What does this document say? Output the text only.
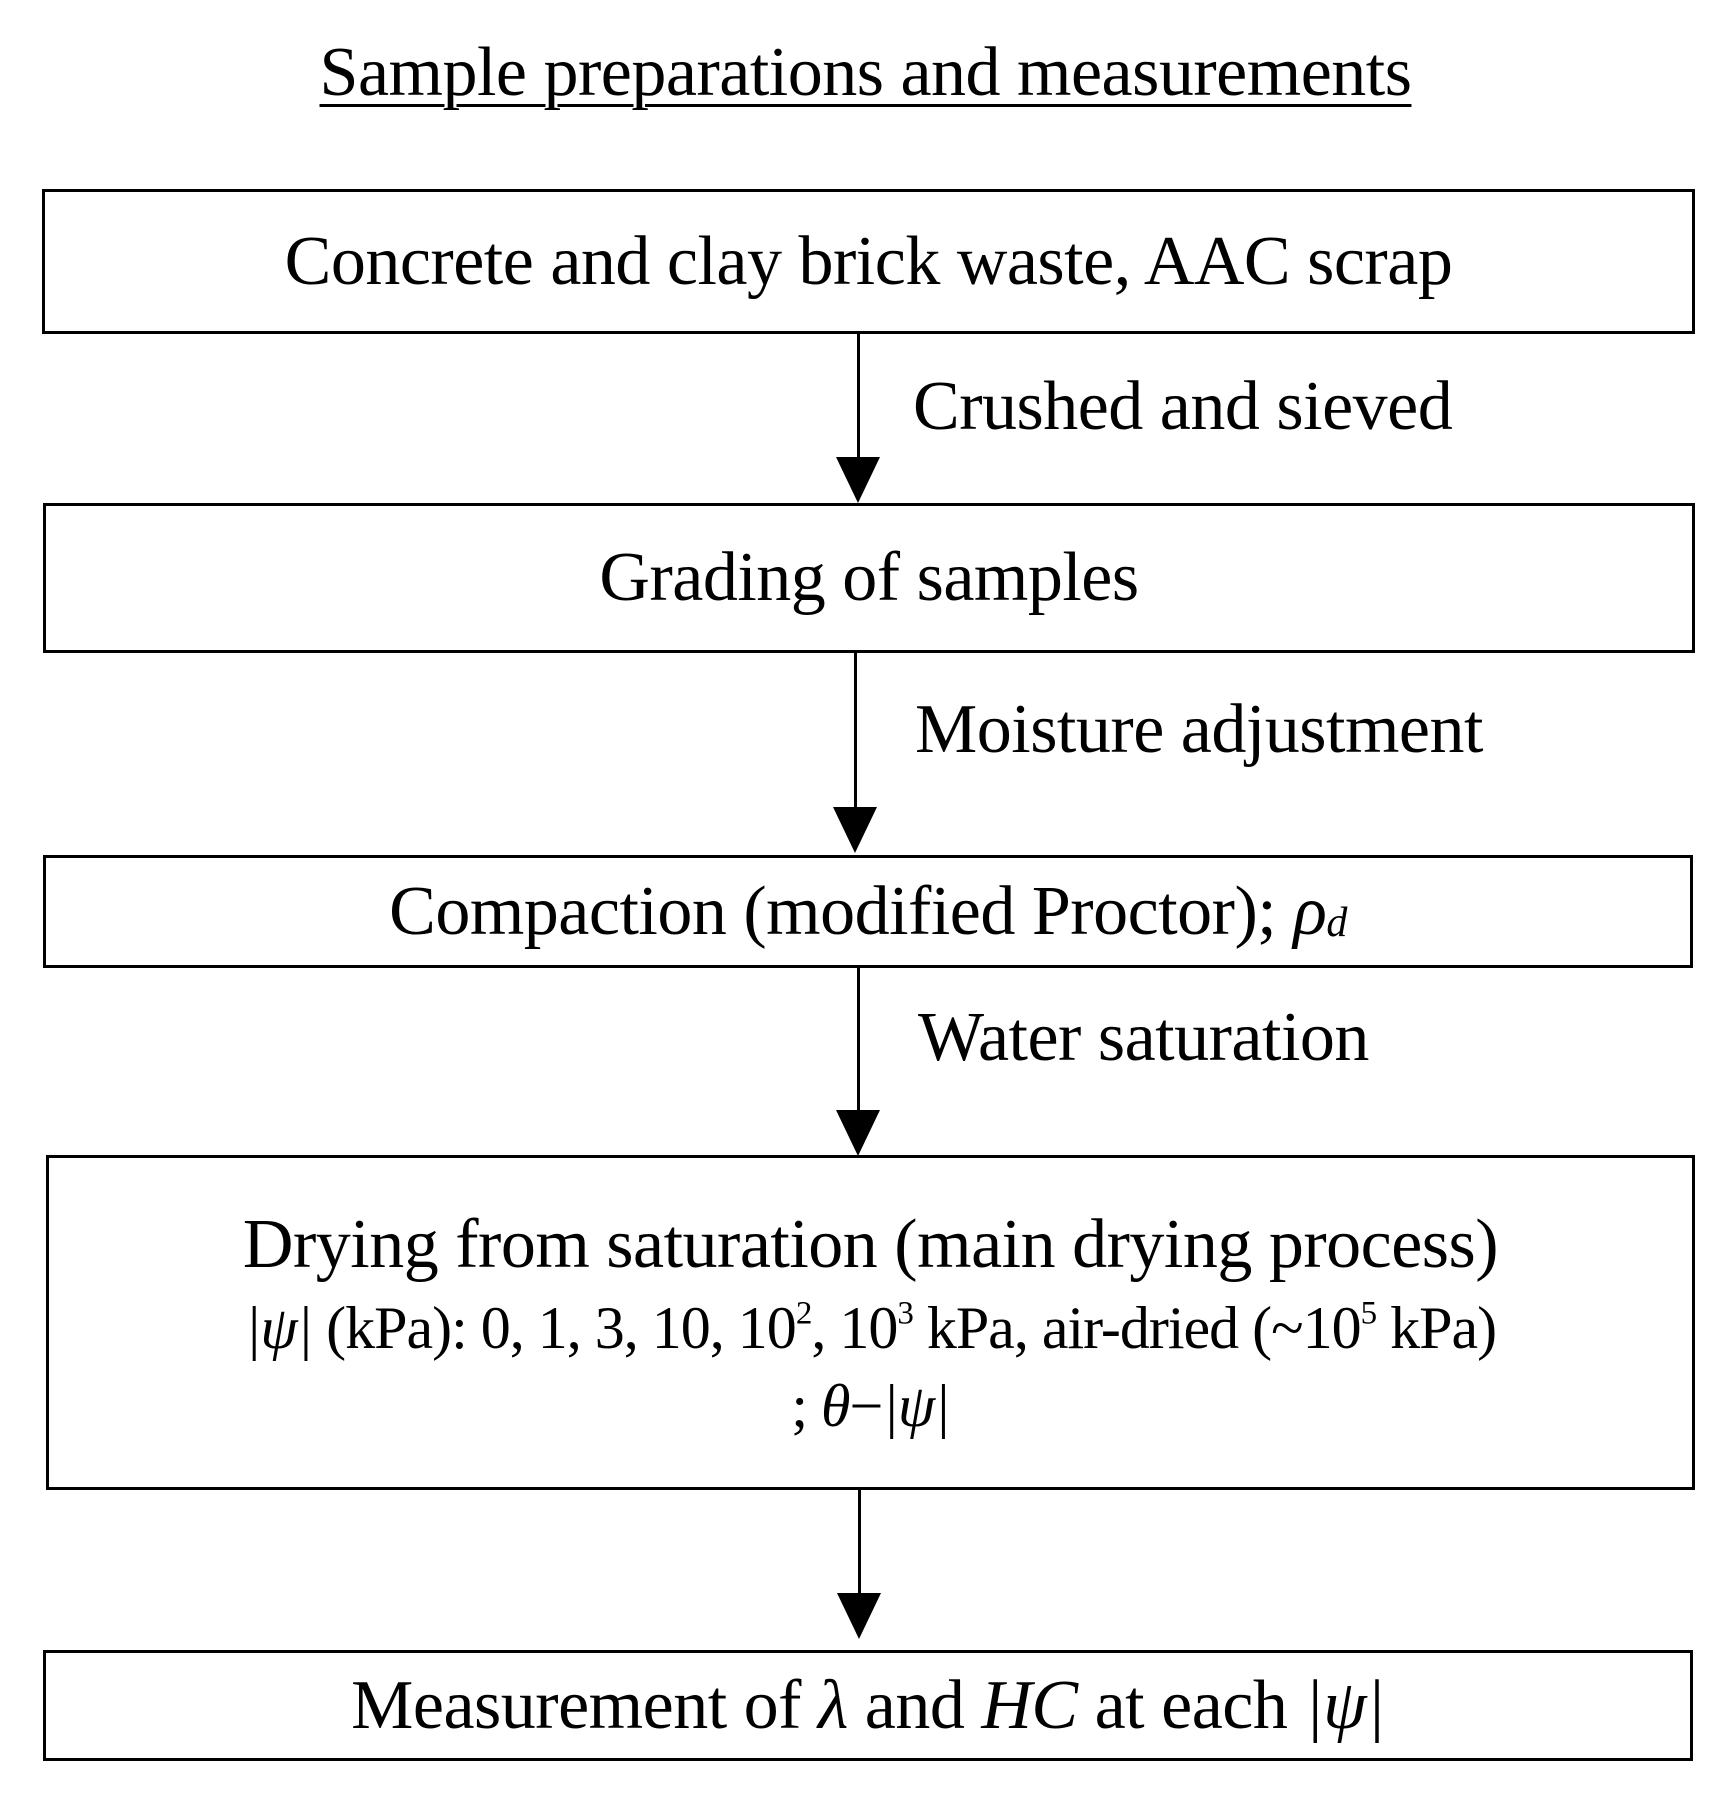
Sample preparations and measurements
Concrete and clay brick waste, AAC scrap
Crushed and sieved
Grading of samples
Moisture adjustment
Compaction (modified Proctor); $\rho_d$
Water saturation
Drying from saturation (main drying process)
|ψ| (kPa): 0, 1, 3, 10, $10^2$, $10^3$ kPa, air-dried ($\sim 10^5$ kPa)
; θ−|ψ|
Measurement of λ and HC at each |ψ|
